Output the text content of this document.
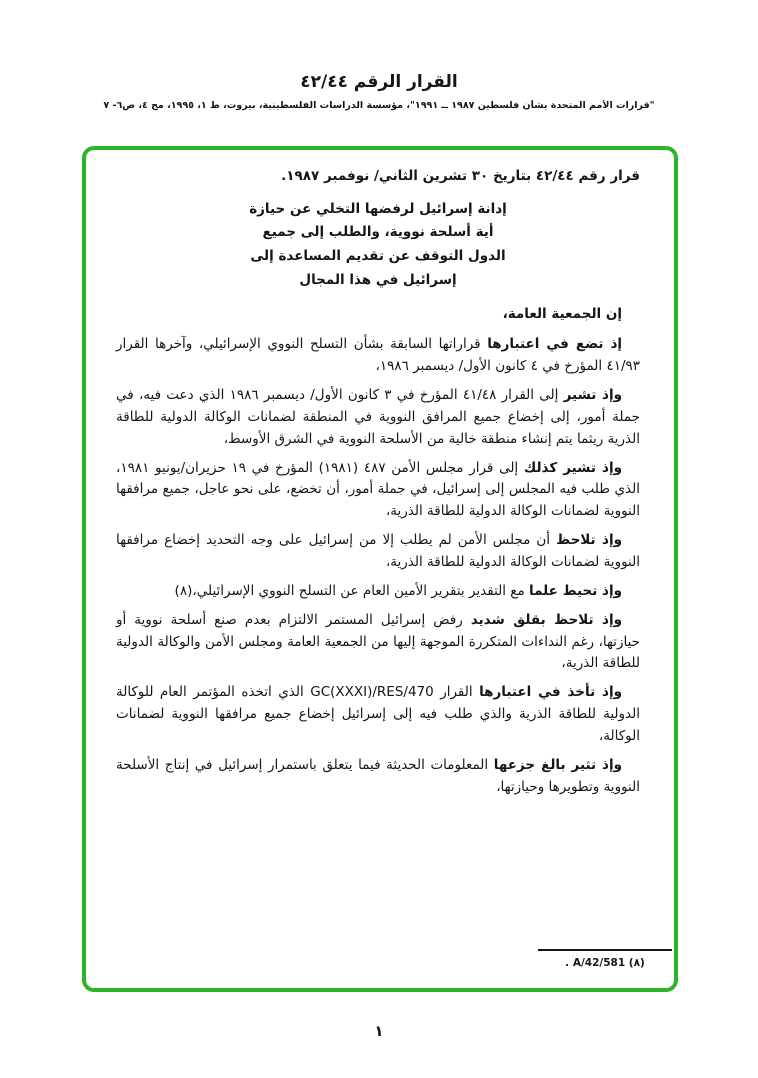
القرار الرقم ٤٢/٤٤
"قرارات الأمم المتحدة بشأن فلسطين ١٩٨٧ ــ ١٩٩١"، مؤسسة الدراسات الفلسطينية، بيروت، ط ١، ١٩٩٥، مج ٤، ص٦- ٧

قرار رقم ٤٢/٤٤ بتاريخ ٣٠ تشرين الثاني/ نوفمبر ١٩٨٧.

إدانة إسرائيل لرفضها التخلي عن حيازة
أية أسلحة نووية، والطلب إلى جميع
الدول التوقف عن تقديم المساعدة إلى
إسرائيل في هذا المجال

إن الجمعية العامة،

إذ تضع في اعتبارها قراراتها السابقة بشأن التسلح النووي الإسرائيلي، وآخرها القرار ٤١/٩٣ المؤرخ في ٤ كانون الأول/ ديسمبر ١٩٨٦،

وإذ تشير إلى القرار ٤١/٤٨ المؤرخ في ٣ كانون الأول/ ديسمبر ١٩٨٦ الذي دعت فيه، في جملة أمور، إلى إخضاع جميع المرافق النووية في المنطقة لضمانات الوكالة الدولية للطاقة الذرية ريثما يتم إنشاء منطقة خالية من الأسلحة النووية في الشرق الأوسط،

وإذ تشير كذلك إلى قرار مجلس الأمن ٤٨٧ (١٩٨١) المؤرخ في ١٩ حزيران/يونيو ١٩٨١، الذي طلب فيه المجلس إلى إسرائيل، في جملة أمور، أن تخضع، على نحو عاجل، جميع مرافقها النووية لضمانات الوكالة الدولية للطاقة الذرية،

وإذ تلاحظ أن مجلس الأمن لم يطلب إلا من إسرائيل على وجه التحديد إخضاع مرافقها النووية لضمانات الوكالة الدولية للطاقة الذرية،

وإذ تحيط علما مع التقدير بتقرير الأمين العام عن التسلح النووي الإسرائيلي،(٨)

وإذ تلاحظ بقلق شديد رفض إسرائيل المستمر الالتزام بعدم صنع أسلحة نووية أو حيازتها، رغم النداءات المتكررة الموجهة إليها من الجمعية العامة ومجلس الأمن والوكالة الدولية للطاقة الذرية،

وإذ تأخذ في اعتبارها القرار GC(XXXI)/RES/470 الذي اتخذه المؤتمر العام للوكالة الدولية للطاقة الذرية والذي طلب فيه إلى إسرائيل إخضاع جميع مرافقها النووية لضمانات الوكالة،

وإذ تثير بالغ جزعها المعلومات الحديثة فيما يتعلق باستمرار إسرائيل في إنتاج الأسلحة النووية وتطويرها وحيازتها،

(٨) A/42/581 .
١
